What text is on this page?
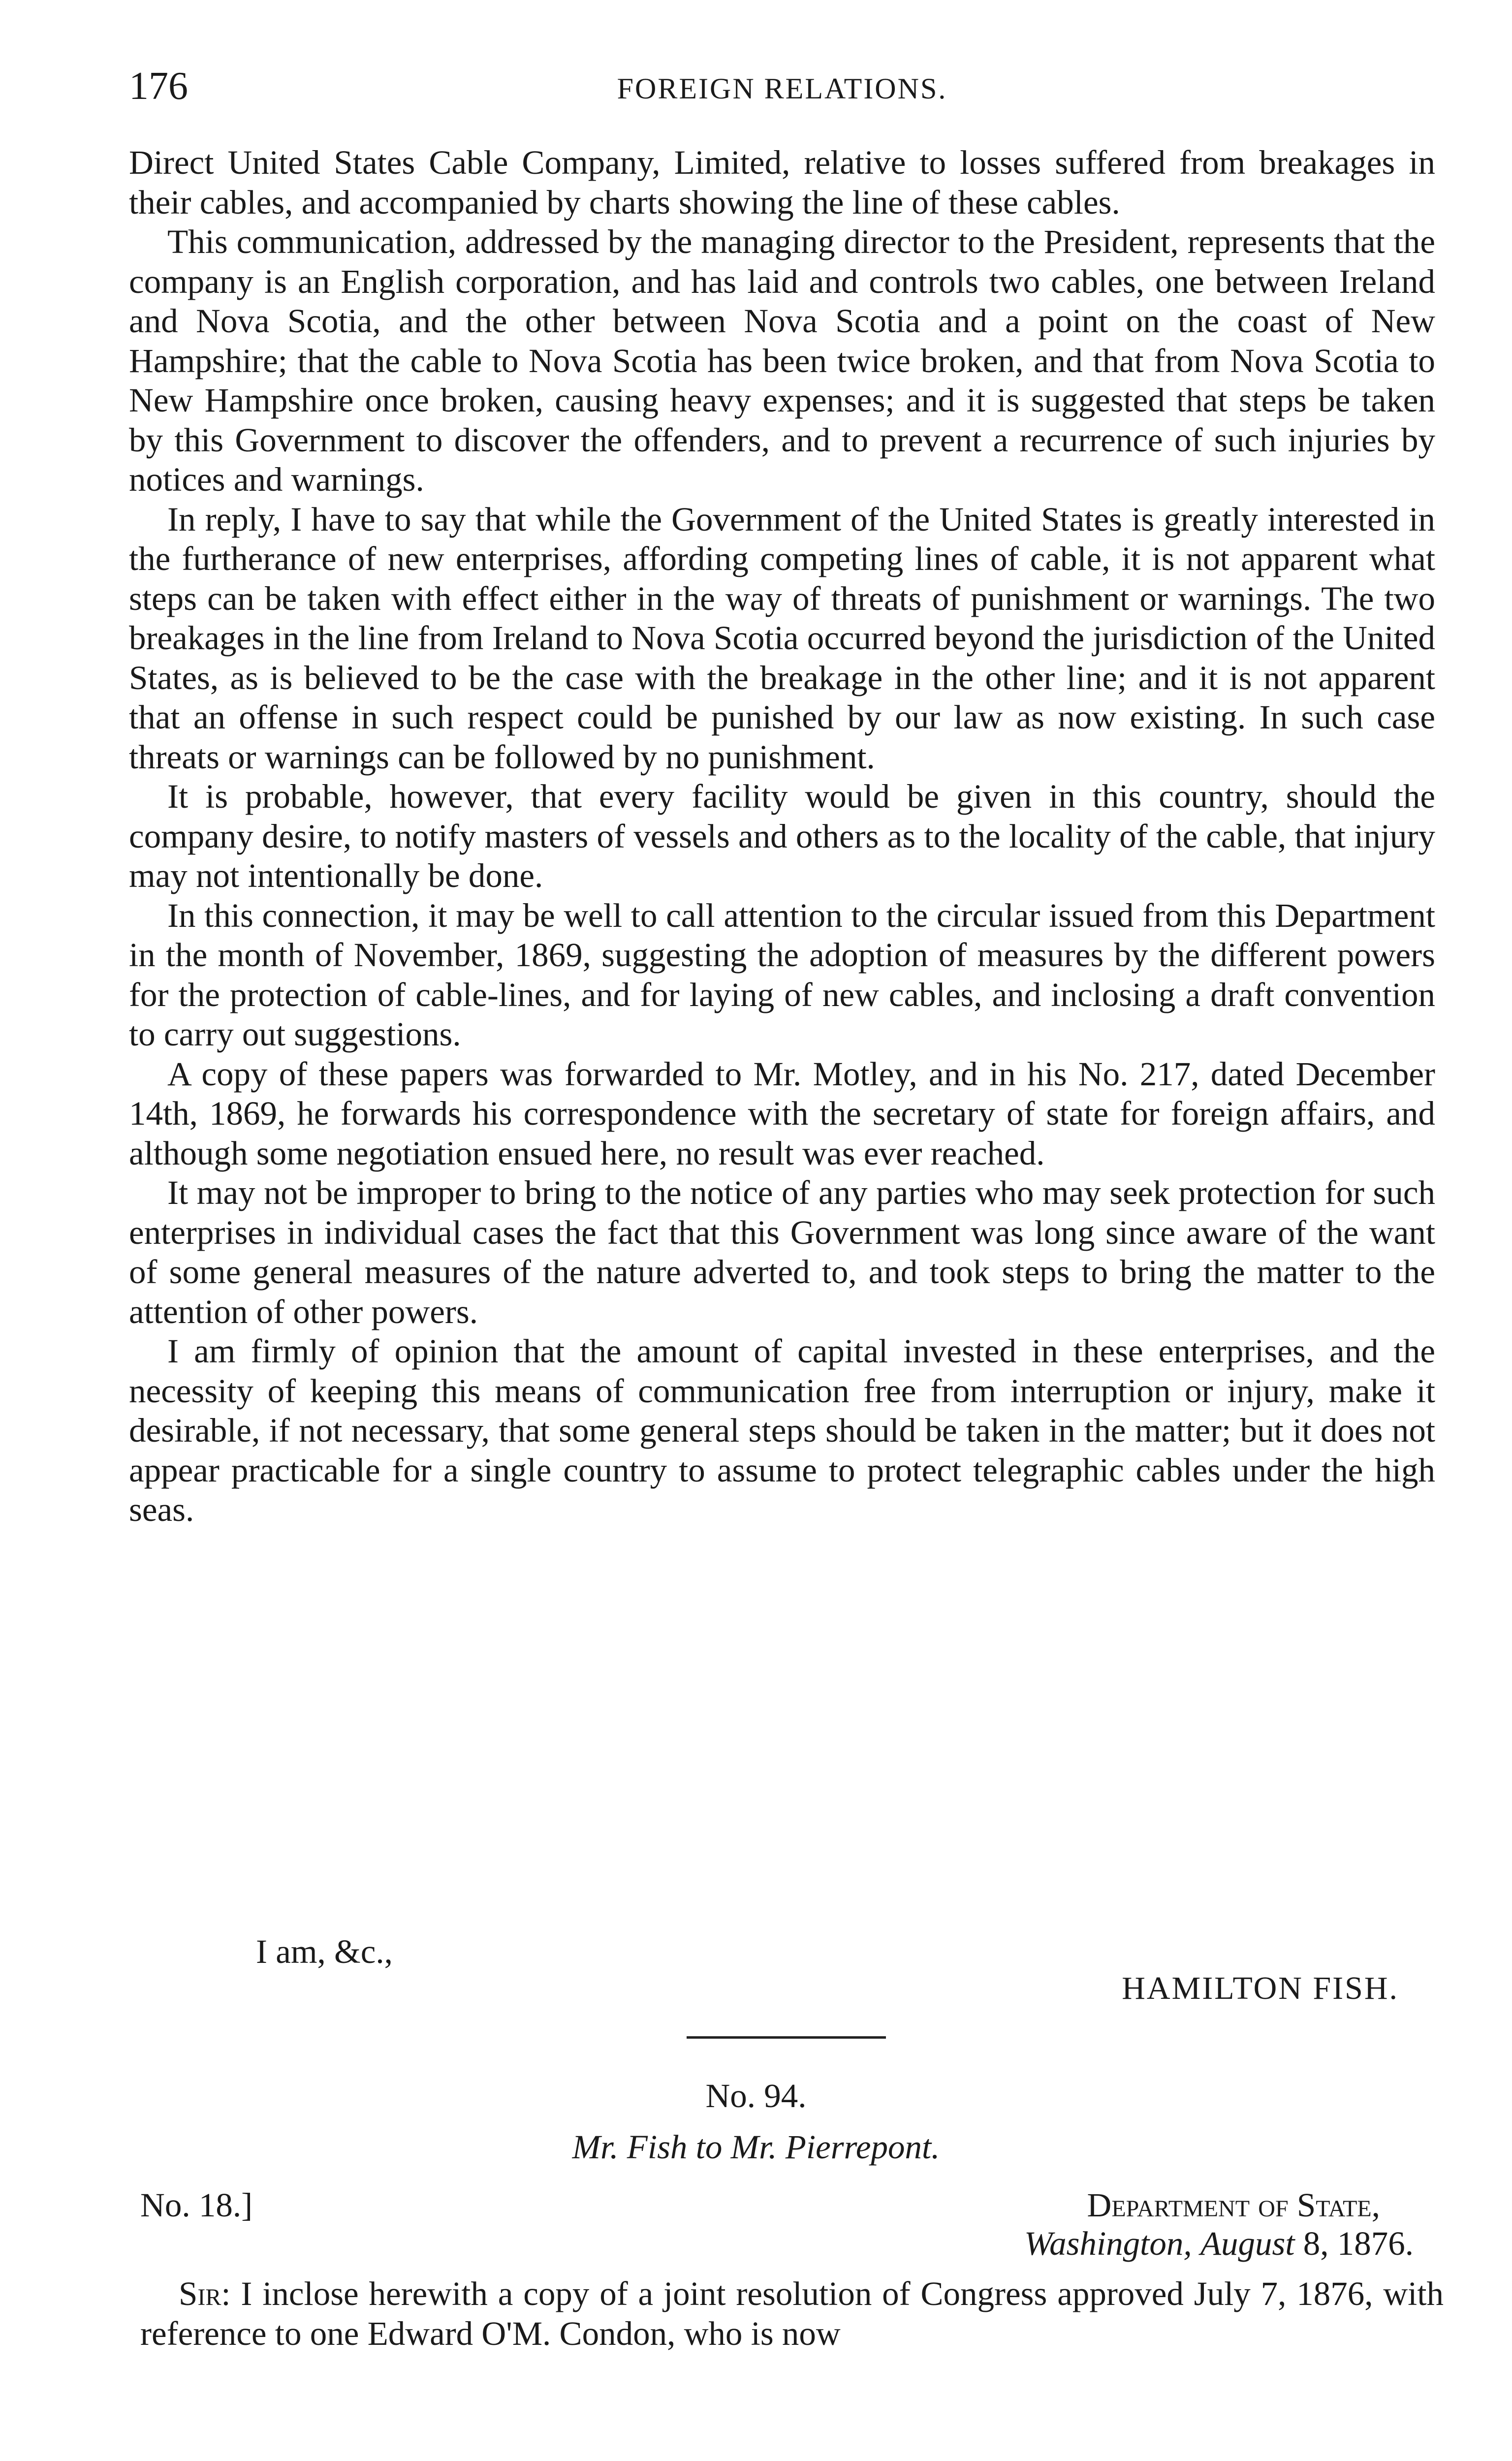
176	FOREIGN RELATIONS.

Direct United States Cable Company, Limited, relative to losses suffered from breakages in their cables, and accompanied by charts showing the line of these cables.

This communication, addressed by the managing director to the President, represents that the company is an English corporation, and has laid and controls two cables, one between Ireland and Nova Scotia, and the other between Nova Scotia and a point on the coast of New Hampshire; that the cable to Nova Scotia has been twice broken, and that from Nova Scotia to New Hampshire once broken, causing heavy expenses; and it is suggested that steps be taken by this Government to discover the offenders, and to prevent a recurrence of such injuries by notices and warnings.

In reply, I have to say that while the Government of the United States is greatly interested in the furtherance of new enterprises, affording competing lines of cable, it is not apparent what steps can be taken with effect either in the way of threats of punishment or warnings. The two breakages in the line from Ireland to Nova Scotia occurred beyond the jurisdiction of the United States, as is believed to be the case with the breakage in the other line; and it is not apparent that an offense in such respect could be punished by our law as now existing. In such case threats or warnings can be followed by no punishment.

It is probable, however, that every facility would be given in this country, should the company desire, to notify masters of vessels and others as to the locality of the cable, that injury may not intentionally be done.

In this connection, it may be well to call attention to the circular issued from this Department in the month of November, 1869, suggesting the adoption of measures by the different powers for the protection of cable-lines, and for laying of new cables, and inclosing a draft convention to carry out suggestions.

A copy of these papers was forwarded to Mr. Motley, and in his No. 217, dated December 14th, 1869, he forwards his correspondence with the secretary of state for foreign affairs, and although some negotiation ensued here, no result was ever reached.

It may not be improper to bring to the notice of any parties who may seek protection for such enterprises in individual cases the fact that this Government was long since aware of the want of some general measures of the nature adverted to, and took steps to bring the matter to the attention of other powers.

I am firmly of opinion that the amount of capital invested in these enterprises, and the necessity of keeping this means of communication free from interruption or injury, make it desirable, if not necessary, that some general steps should be taken in the matter; but it does not appear practicable for a single country to assume to protect telegraphic cables under the high seas.

I am, &c.,
HAMILTON FISH.
No. 94.
Mr. Fish to Mr. Pierrepont.
No. 18.]	Department of State,
Washington, August 8, 1876.

Sir: I inclose herewith a copy of a joint resolution of Congress approved July 7, 1876, with reference to one Edward O'M. Condon, who is now
